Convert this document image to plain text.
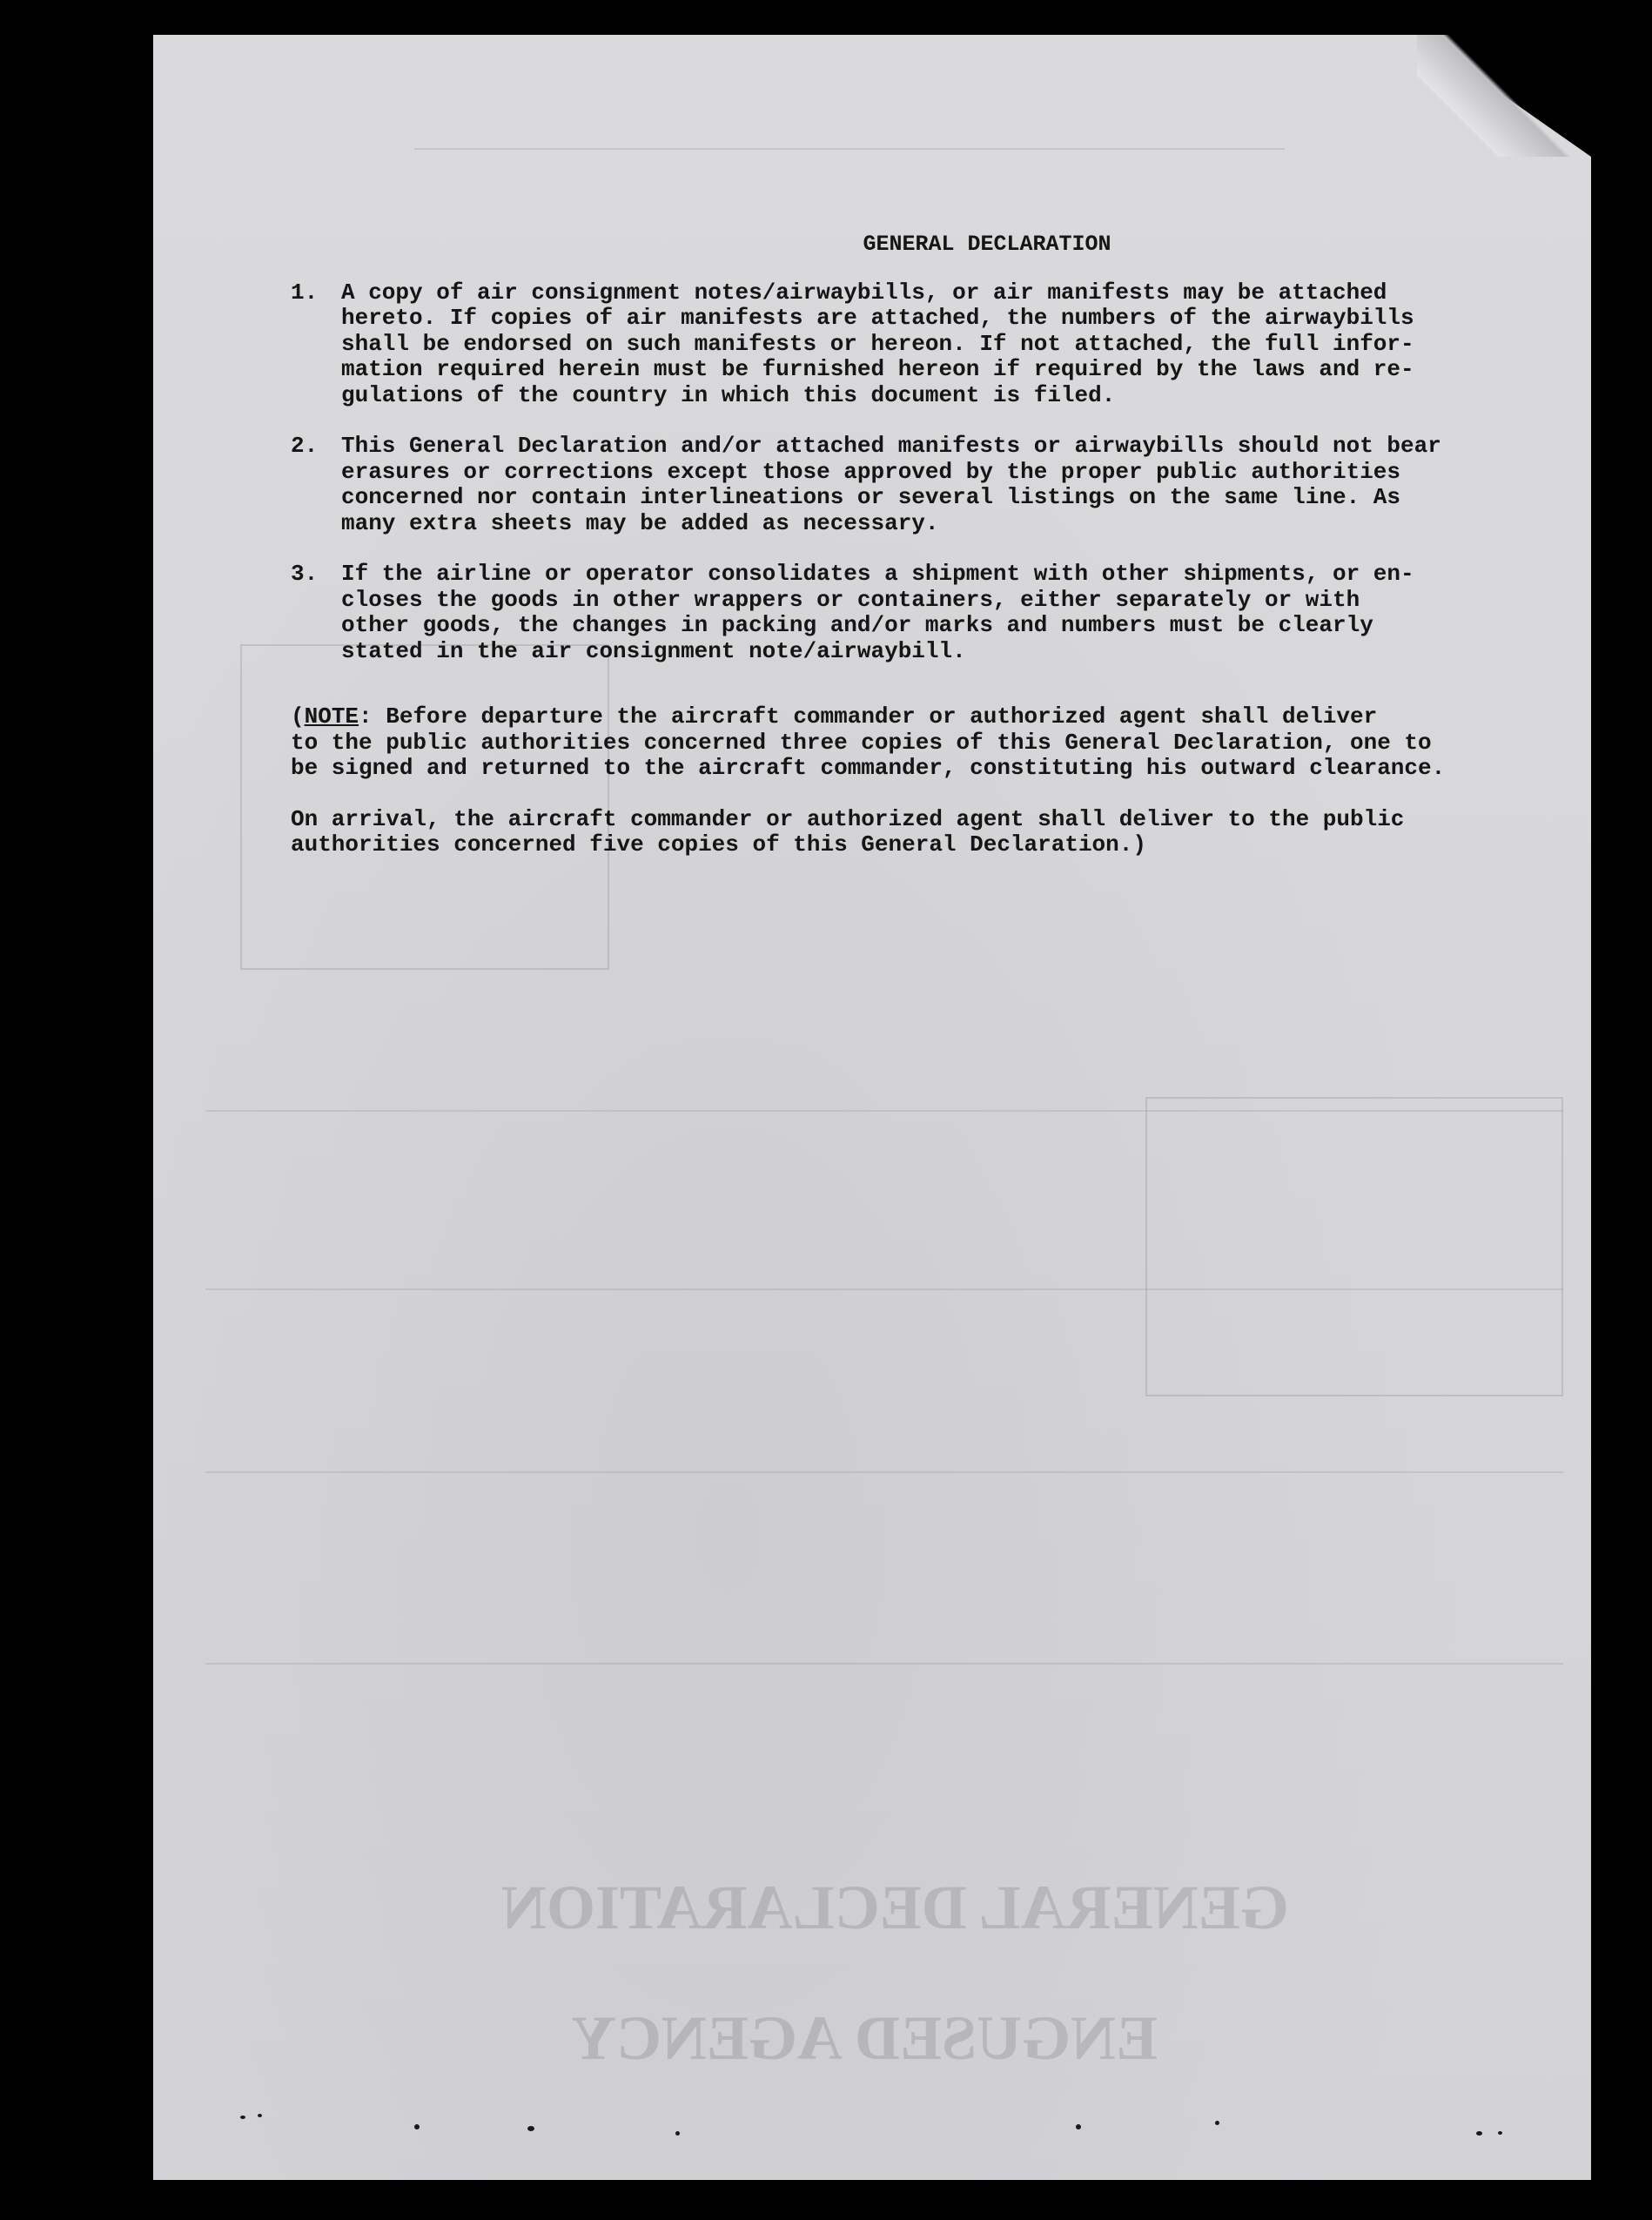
GENERAL DECLARATION
ENGUSED AGENCY
GENERAL DECLARATION
1.	A copy of air consignment notes/airwaybills, or air manifests may be attached
hereto. If copies of air manifests are attached, the numbers of the airwaybills
shall be endorsed on such manifests or hereon. If not attached, the full infor-
mation required herein must be furnished hereon if required by the laws and re-
gulations of the country in which this document is filed.
2.	This General Declaration and/or attached manifests or airwaybills should not bear
erasures or corrections except those approved by the proper public authorities
concerned nor contain interlineations or several listings on the same line. As
many extra sheets may be added as necessary.
3.	If the airline or operator consolidates a shipment with other shipments, or en-
closes the goods in other wrappers or containers, either separately or with
other goods, the changes in packing and/or marks and numbers must be clearly
stated in the air consignment note/airwaybill.
(NOTE: Before departure the aircraft commander or authorized agent shall deliver
to the public authorities concerned three copies of this General Declaration, one to
be signed and returned to the aircraft commander, constituting his outward clearance.
On arrival, the aircraft commander or authorized agent shall deliver to the public
authorities concerned five copies of this General Declaration.)
